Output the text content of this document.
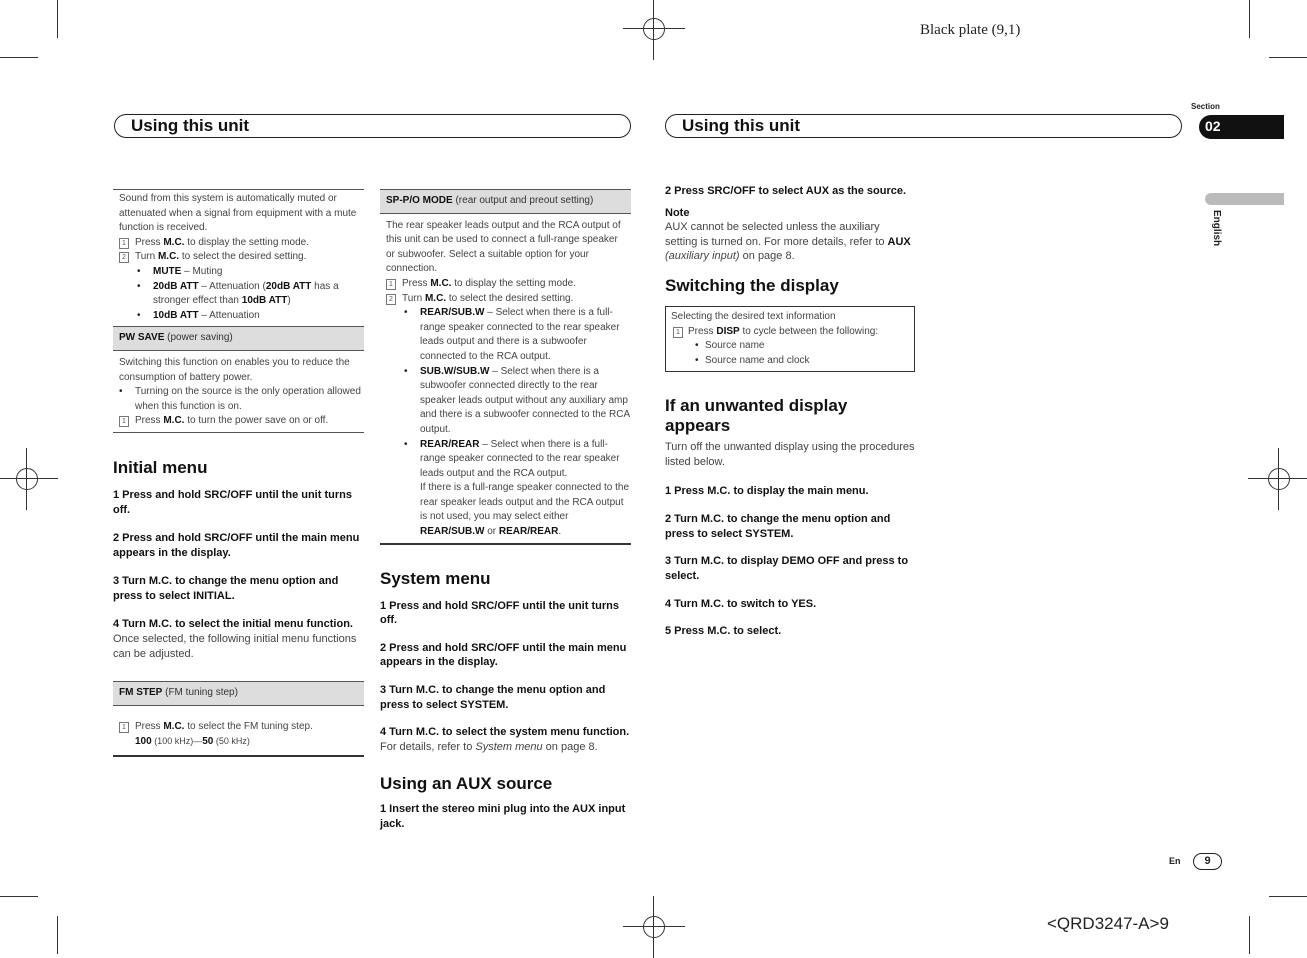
Black plate (9,1)
Using this unit	Using this unit
Section
02
English
Sound from this system is automatically muted or attenuated when a signal from equipment with a mute function is received.
1 Press M.C. to display the setting mode.
2 Turn M.C. to select the desired setting.
• MUTE – Muting
• 20dB ATT – Attenuation (20dB ATT has a stronger effect than 10dB ATT)
• 10dB ATT – Attenuation
PW SAVE (power saving)
Switching this function on enables you to reduce the consumption of battery power.
• Turning on the source is the only operation allowed when this function is on.
1 Press M.C. to turn the power save on or off.
Initial menu
1 Press and hold SRC/OFF until the unit turns off.
2 Press and hold SRC/OFF until the main menu appears in the display.
3 Turn M.C. to change the menu option and press to select INITIAL.
4 Turn M.C. to select the initial menu function.
Once selected, the following initial menu functions can be adjusted.
FM STEP (FM tuning step)
1 Press M.C. to select the FM tuning step.
100 (100 kHz)—50 (50 kHz)
SP-P/O MODE (rear output and preout setting)
The rear speaker leads output and the RCA output of this unit can be used to connect a full-range speaker or subwoofer. Select a suitable option for your connection.
1 Press M.C. to display the setting mode.
2 Turn M.C. to select the desired setting.
• REAR/SUB.W – Select when there is a full-range speaker connected to the rear speaker leads output and there is a subwoofer connected to the RCA output.
• SUB.W/SUB.W – Select when there is a subwoofer connected directly to the rear speaker leads output without any auxiliary amp and there is a subwoofer connected to the RCA output.
• REAR/REAR – Select when there is a full-range speaker connected to the rear speaker leads output and the RCA output.
If there is a full-range speaker connected to the rear speaker leads output and the RCA output is not used, you may select either REAR/SUB.W or REAR/REAR.
System menu
1 Press and hold SRC/OFF until the unit turns off.
2 Press and hold SRC/OFF until the main menu appears in the display.
3 Turn M.C. to change the menu option and press to select SYSTEM.
4 Turn M.C. to select the system menu function.
For details, refer to System menu on page 8.
Using an AUX source
1 Insert the stereo mini plug into the AUX input jack.
2 Press SRC/OFF to select AUX as the source.
Note
AUX cannot be selected unless the auxiliary setting is turned on. For more details, refer to AUX (auxiliary input) on page 8.
Switching the display
Selecting the desired text information
1 Press DISP to cycle between the following:
• Source name
• Source name and clock
If an unwanted display appears
Turn off the unwanted display using the procedures listed below.
1 Press M.C. to display the main menu.
2 Turn M.C. to change the menu option and press to select SYSTEM.
3 Turn M.C. to display DEMO OFF and press to select.
4 Turn M.C. to switch to YES.
5 Press M.C. to select.
En	9
<QRD3247-A>9
